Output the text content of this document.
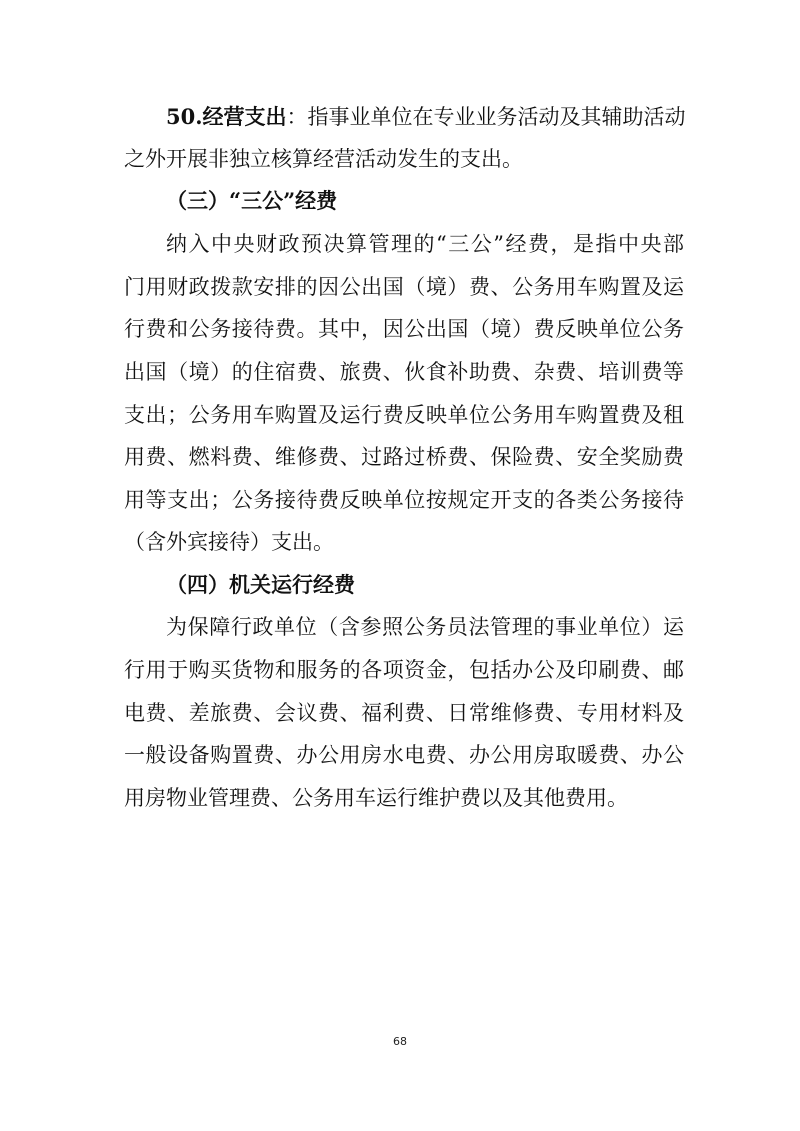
50.经营支出：指事业单位在专业业务活动及其辅助活动
之外开展非独立核算经营活动发生的支出。
（三）“三公”经费
纳入中央财政预决算管理的“三公”经费，是指中央部
门用财政拨款安排的因公出国（境）费、公务用车购置及运
行费和公务接待费。其中，因公出国（境）费反映单位公务
出国（境）的住宿费、旅费、伙食补助费、杂费、培训费等
支出；公务用车购置及运行费反映单位公务用车购置费及租
用费、燃料费、维修费、过路过桥费、保险费、安全奖励费
用等支出；公务接待费反映单位按规定开支的各类公务接待
（含外宾接待）支出。
（四）机关运行经费
为保障行政单位（含参照公务员法管理的事业单位）运
行用于购买货物和服务的各项资金，包括办公及印刷费、邮
电费、差旅费、会议费、福利费、日常维修费、专用材料及
一般设备购置费、办公用房水电费、办公用房取暖费、办公
用房物业管理费、公务用车运行维护费以及其他费用。
68
